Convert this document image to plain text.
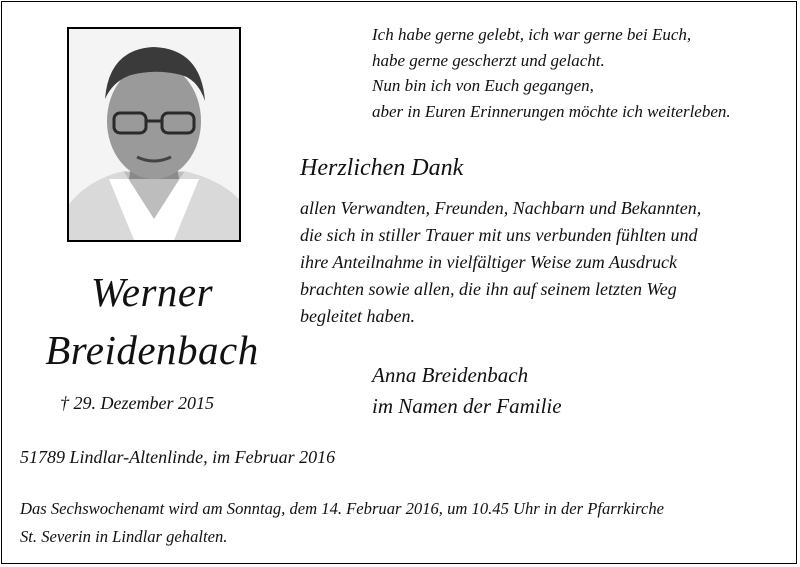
Werner
Breidenbach
† 29. Dezember 2015
Ich habe gerne gelebt, ich war gerne bei Euch,
habe gerne gescherzt und gelacht.
Nun bin ich von Euch gegangen,
aber in Euren Erinnerungen möchte ich weiterleben.
Herzlichen Dank
allen Verwandten, Freunden, Nachbarn und Bekannten,
die sich in stiller Trauer mit uns verbunden fühlten und
ihre Anteilnahme in vielfältiger Weise zum Ausdruck
brachten sowie allen, die ihn auf seinem letzten Weg
begleitet haben.
Anna Breidenbach
im Namen der Familie
51789 Lindlar-Altenlinde, im Februar 2016
Das Sechswochenamt wird am Sonntag, dem 14. Februar 2016, um 10.45 Uhr in der Pfarrkirche
St. Severin in Lindlar gehalten.
